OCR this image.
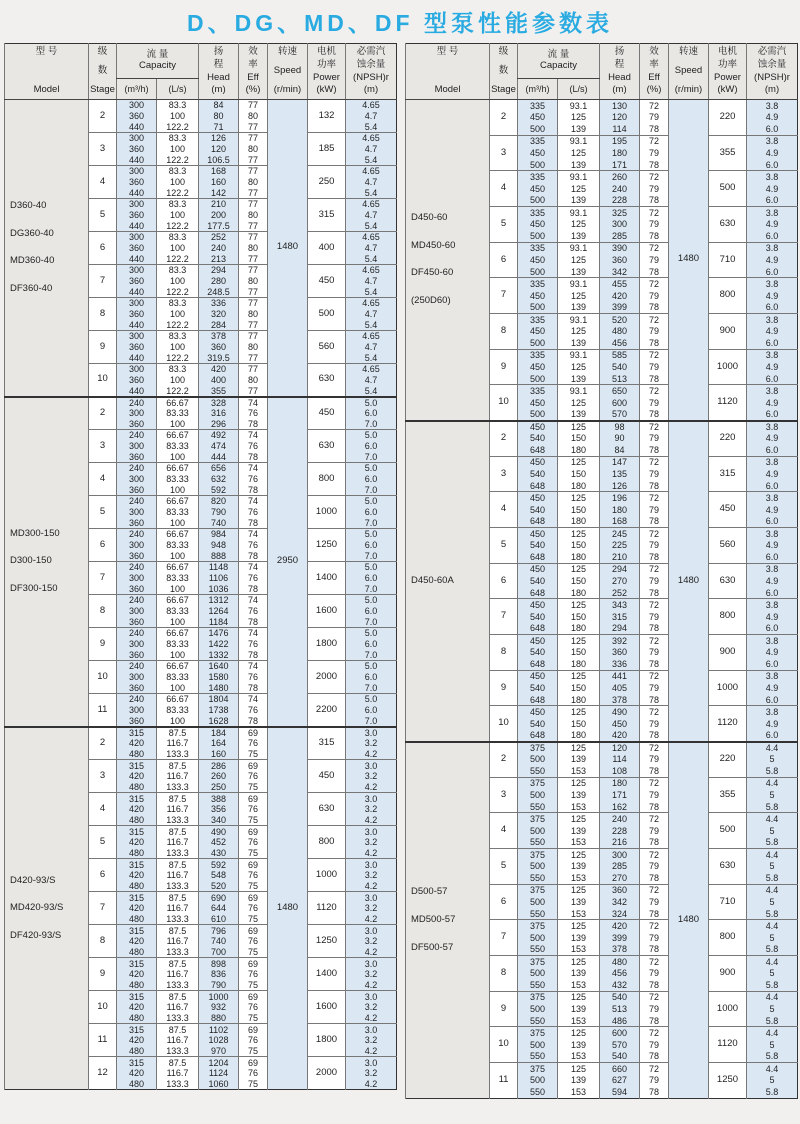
D、DG、MD、DF 型泵性能参数表
型 号
Model

级
数
Stage

流 量
Capacity

扬
程
Head
(m)

效
率
Eff
(%)

转速
Speed
(r/min)

电机
功率
Power
(kW)

必需汽
蚀余量
(NPSH)r
(m)

		(m³/h)	(L/s)					

D360-40
DG360-40
MD360-40
DF360-40	2	300	83.3	84	77	1480	132	4.65
		360	100	80	80			4.7
		440	122.2	71	77			5.4
	3	300	83.3	126	77		185	4.65
		360	100	120	80			4.7
		440	122.2	106.5	77			5.4
	4	300	83.3	168	77		250	4.65
		360	100	160	80			4.7
		440	122.2	142	77			5.4
	5	300	83.3	210	77		315	4.65
		360	100	200	80			4.7
		440	122.2	177.5	77			5.4
	6	300	83.3	252	77		400	4.65
		360	100	240	80			4.7
		440	122.2	213	77			5.4
	7	300	83.3	294	77		450	4.65
		360	100	280	80			4.7
		440	122.2	248.5	77			5.4
	8	300	83.3	336	77		500	4.65
		360	100	320	80			4.7
		440	122.2	284	77			5.4
	9	300	83.3	378	77		560	4.65
		360	100	360	80			4.7
		440	122.2	319.5	77			5.4
	10	300	83.3	420	77		630	4.65
		360	100	400	80			4.7
		440	122.2	355	77			5.4

MD300-150
D300-150
DF300-150	2	240	66.67	328	74	2950	450	5.0
		300	83.33	316	76			6.0
		360	100	296	78			7.0
	3	240	66.67	492	74		630	5.0
		300	83.33	474	76			6.0
		360	100	444	78			7.0
	4	240	66.67	656	74		800	5.0
		300	83.33	632	76			6.0
		360	100	592	78			7.0
	5	240	66.67	820	74		1000	5.0
		300	83.33	790	76			6.0
		360	100	740	78			7.0
	6	240	66.67	984	74		1250	5.0
		300	83.33	948	76			6.0
		360	100	888	78			7.0
	7	240	66.67	1148	74		1400	5.0
		300	83.33	1106	76			6.0
		360	100	1036	78			7.0
	8	240	66.67	1312	74		1600	5.0
		300	83.33	1264	76			6.0
		360	100	1184	78			7.0
	9	240	66.67	1476	74		1800	5.0
		300	83.33	1422	76			6.0
		360	100	1332	78			7.0
	10	240	66.67	1640	74		2000	5.0
		300	83.33	1580	76			6.0
		360	100	1480	78			7.0
	11	240	66.67	1804	74		2200	5.0
		300	83.33	1738	76			6.0
		360	100	1628	78			7.0

D420-93/S
MD420-93/S
DF420-93/S	2	315	87.5	184	69	1480	315	3.0
		420	116.7	164	76			3.2
		480	133.3	160	75			4.2
	3	315	87.5	286	69		450	3.0
		420	116.7	260	76			3.2
		480	133.3	250	75			4.2
	4	315	87.5	388	69		630	3.0
		420	116.7	356	76			3.2
		480	133.3	340	75			4.2
	5	315	87.5	490	69		800	3.0
		420	116.7	452	76			3.2
		480	133.3	430	75			4.2
	6	315	87.5	592	69		1000	3.0
		420	116.7	548	76			3.2
		480	133.3	520	75			4.2
	7	315	87.5	690	69		1120	3.0
		420	116.7	644	76			3.2
		480	133.3	610	75			4.2
	8	315	87.5	796	69		1250	3.0
		420	116.7	740	76			3.2
		480	133.3	700	75			4.2
	9	315	87.5	898	69		1400	3.0
		420	116.7	836	76			3.2
		480	133.3	790	75			4.2
	10	315	87.5	1000	69		1600	3.0
		420	116.7	932	76			3.2
		480	133.3	880	75			4.2
	11	315	87.5	1102	69		1800	3.0
		420	116.7	1028	76			3.2
		480	133.3	970	75			4.2
	12	315	87.5	1204	69		2000	3.0
		420	116.7	1124	76			3.2
		480	133.3	1060	75			4.2
型 号
Model

级
数
Stage

流 量
Capacity

扬
程
Head
(m)

效
率
Eff
(%)

转速
Speed
(r/min)

电机
功率
Power
(kW)

必需汽
蚀余量
(NPSH)r
(m)

		(m³/h)	(L/s)					

D450-60
MD450-60
DF450-60
(250D60)	2	335	93.1	130	72	1480	220	3.8
		450	125	120	79			4.9
		500	139	114	78			6.0
	3	335	93.1	195	72		355	3.8
		450	125	180	79			4.9
		500	139	171	78			6.0
	4	335	93.1	260	72		500	3.8
		450	125	240	79			4.9
		500	139	228	78			6.0
	5	335	93.1	325	72		630	3.8
		450	125	300	79			4.9
		500	139	285	78			6.0
	6	335	93.1	390	72		710	3.8
		450	125	360	79			4.9
		500	139	342	78			6.0
	7	335	93.1	455	72		800	3.8
		450	125	420	79			4.9
		500	139	399	78			6.0
	8	335	93.1	520	72		900	3.8
		450	125	480	79			4.9
		500	139	456	78			6.0
	9	335	93.1	585	72		1000	3.8
		450	125	540	79			4.9
		500	139	513	78			6.0
	10	335	93.1	650	72		1120	3.8
		450	125	600	79			4.9
		500	139	570	78			6.0

D450-60A	2	450	125	98	72	1480	220	3.8
		540	150	90	79			4.9
		648	180	84	78			6.0
	3	450	125	147	72		315	3.8
		540	150	135	79			4.9
		648	180	126	78			6.0
	4	450	125	196	72		450	3.8
		540	150	180	79			4.9
		648	180	168	78			6.0
	5	450	125	245	72		560	3.8
		540	150	225	79			4.9
		648	180	210	78			6.0
	6	450	125	294	72		630	3.8
		540	150	270	79			4.9
		648	180	252	78			6.0
	7	450	125	343	72		800	3.8
		540	150	315	79			4.9
		648	180	294	78			6.0
	8	450	125	392	72		900	3.8
		540	150	360	79			4.9
		648	180	336	78			6.0
	9	450	125	441	72		1000	3.8
		540	150	405	79			4.9
		648	180	378	78			6.0
	10	450	125	490	72		1120	3.8
		540	150	450	79			4.9
		648	180	420	78			6.0

D500-57
MD500-57
DF500-57	2	375	125	120	72	1480	220	4.4
		500	139	114	79			5
		550	153	108	78			5.8
	3	375	125	180	72		355	4.4
		500	139	171	79			5
		550	153	162	78			5.8
	4	375	125	240	72		500	4.4
		500	139	228	79			5
		550	153	216	78			5.8
	5	375	125	300	72		630	4.4
		500	139	285	79			5
		550	153	270	78			5.8
	6	375	125	360	72		710	4.4
		500	139	342	79			5
		550	153	324	78			5.8
	7	375	125	420	72		800	4.4
		500	139	399	79			5
		550	153	378	78			5.8
	8	375	125	480	72		900	4.4
		500	139	456	79			5
		550	153	432	78			5.8
	9	375	125	540	72		1000	4.4
		500	139	513	79			5
		550	153	486	78			5.8
	10	375	125	600	72		1120	4.4
		500	139	570	79			5
		550	153	540	78			5.8
	11	375	125	660	72		1250	4.4
		500	139	627	79			5
		550	153	594	78			5.8
